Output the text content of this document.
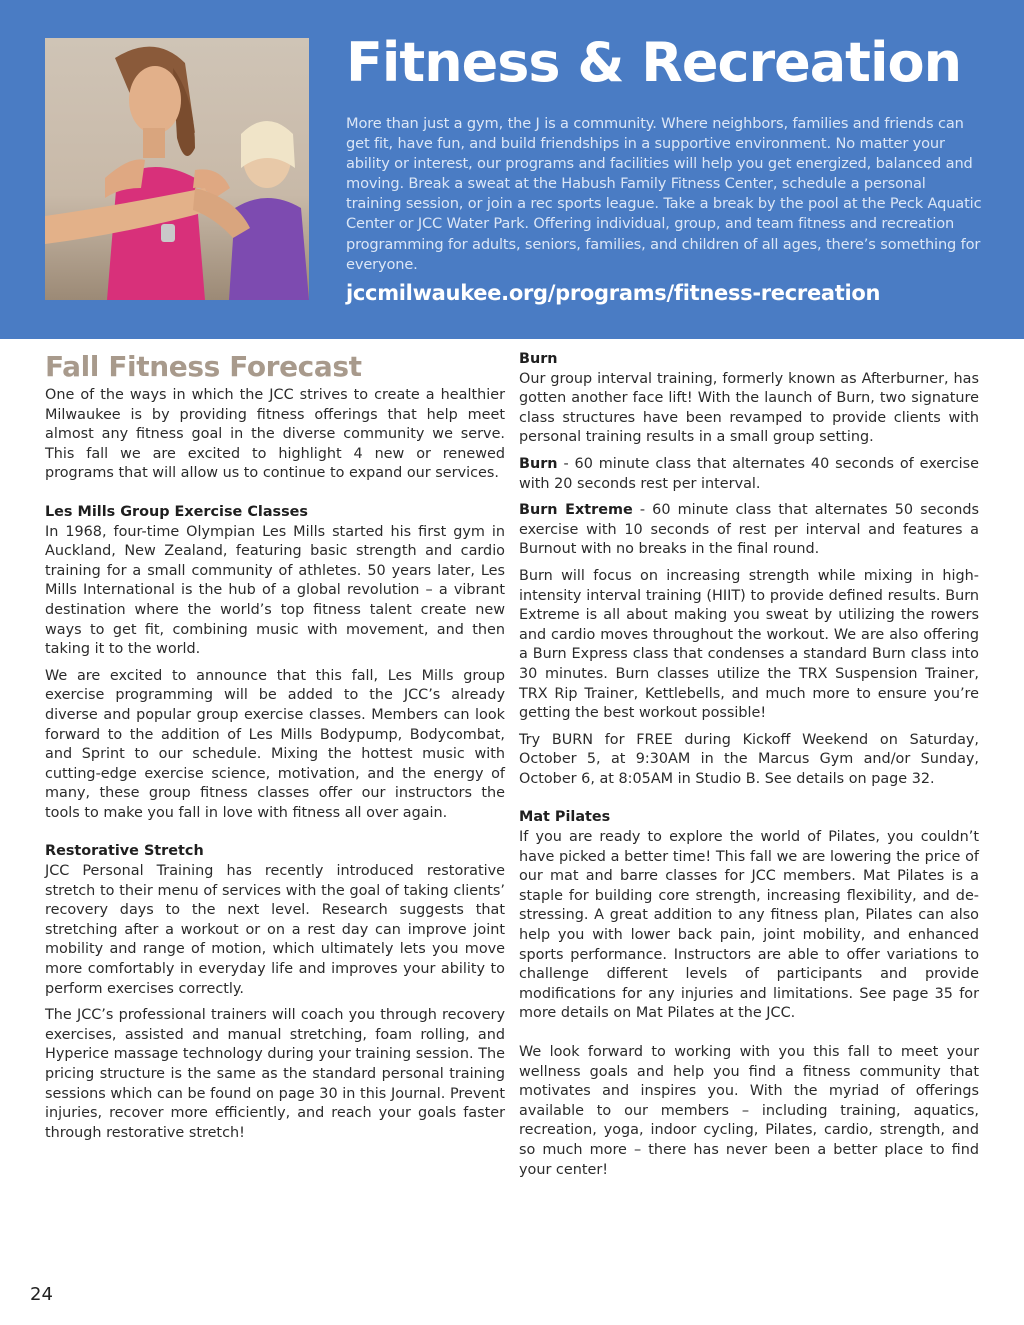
Fitness & Recreation

More than just a gym, the J is a community. Where neighbors, families and friends can get fit, have fun, and build friendships in a supportive environment. No matter your ability or interest, our programs and facilities will help you get energized, balanced and moving. Break a sweat at the Habush Family Fitness Center, schedule a personal training session, or join a rec sports league. Take a break by the pool at the Peck Aquatic Center or JCC Water Park. Offering individual, group, and team fitness and recreation programming for adults, seniors, families, and children of all ages, there’s something for everyone.

jccmilwaukee.org/programs/fitness-recreation

Fall Fitness Forecast

One of the ways in which the JCC strives to create a healthier Milwaukee is by providing fitness offerings that help meet almost any fitness goal in the diverse community we serve. This fall we are excited to highlight 4 new or renewed programs that will allow us to continue to expand our services.

Les Mills Group Exercise Classes

In 1968, four-time Olympian Les Mills started his first gym in Auckland, New Zealand, featuring basic strength and cardio training for a small community of athletes. 50 years later, Les Mills International is the hub of a global revolution – a vibrant destination where the world’s top fitness talent create new ways to get fit, combining music with movement, and then taking it to the world.

We are excited to announce that this fall, Les Mills group exercise programming will be added to the JCC’s already diverse and popular group exercise classes. Members can look forward to the addition of Les Mills Bodypump, Bodycombat, and Sprint to our schedule. Mixing the hottest music with cutting-edge exercise science, motivation, and the energy of many, these group fitness classes offer our instructors the tools to make you fall in love with fitness all over again.

Restorative Stretch

JCC Personal Training has recently introduced restorative stretch to their menu of services with the goal of taking clients’ recovery days to the next level. Research suggests that stretching after a workout or on a rest day can improve joint mobility and range of motion, which ultimately lets you move more comfortably in everyday life and improves your ability to perform exercises correctly.

The JCC’s professional trainers will coach you through recovery exercises, assisted and manual stretching, foam rolling, and Hyperice massage technology during your training session. The pricing structure is the same as the standard personal training sessions which can be found on page 30 in this Journal. Prevent injuries, recover more efficiently, and reach your goals faster through restorative stretch!

Burn

Our group interval training, formerly known as Afterburner, has gotten another face lift! With the launch of Burn, two signature class structures have been revamped to provide clients with personal training results in a small group setting.

Burn - 60 minute class that alternates 40 seconds of exercise with 20 seconds rest per interval.

Burn Extreme - 60 minute class that alternates 50 seconds exercise with 10 seconds of rest per interval and features a Burnout with no breaks in the final round.

Burn will focus on increasing strength while mixing in high-intensity interval training (HIIT) to provide defined results. Burn Extreme is all about making you sweat by utilizing the rowers and cardio moves throughout the workout. We are also offering a Burn Express class that condenses a standard Burn class into 30 minutes. Burn classes utilize the TRX Suspension Trainer, TRX Rip Trainer, Kettlebells, and much more to ensure you’re getting the best workout possible!

Try BURN for FREE during Kickoff Weekend on Saturday, October 5, at 9:30AM in the Marcus Gym and/or Sunday, October 6, at 8:05AM in Studio B. See details on page 32.

Mat Pilates

If you are ready to explore the world of Pilates, you couldn’t have picked a better time! This fall we are lowering the price of our mat and barre classes for JCC members. Mat Pilates is a staple for building core strength, increasing flexibility, and de-stressing. A great addition to any fitness plan, Pilates can also help you with lower back pain, joint mobility, and enhanced sports performance. Instructors are able to offer variations to challenge different levels of participants and provide modifications for any injuries and limitations. See page 35 for more details on Mat Pilates at the JCC.

We look forward to working with you this fall to meet your wellness goals and help you find a fitness community that motivates and inspires you. With the myriad of offerings available to our members – including training, aquatics, recreation, yoga, indoor cycling, Pilates, cardio, strength, and so much more – there has never been a better place to find your center!

24
